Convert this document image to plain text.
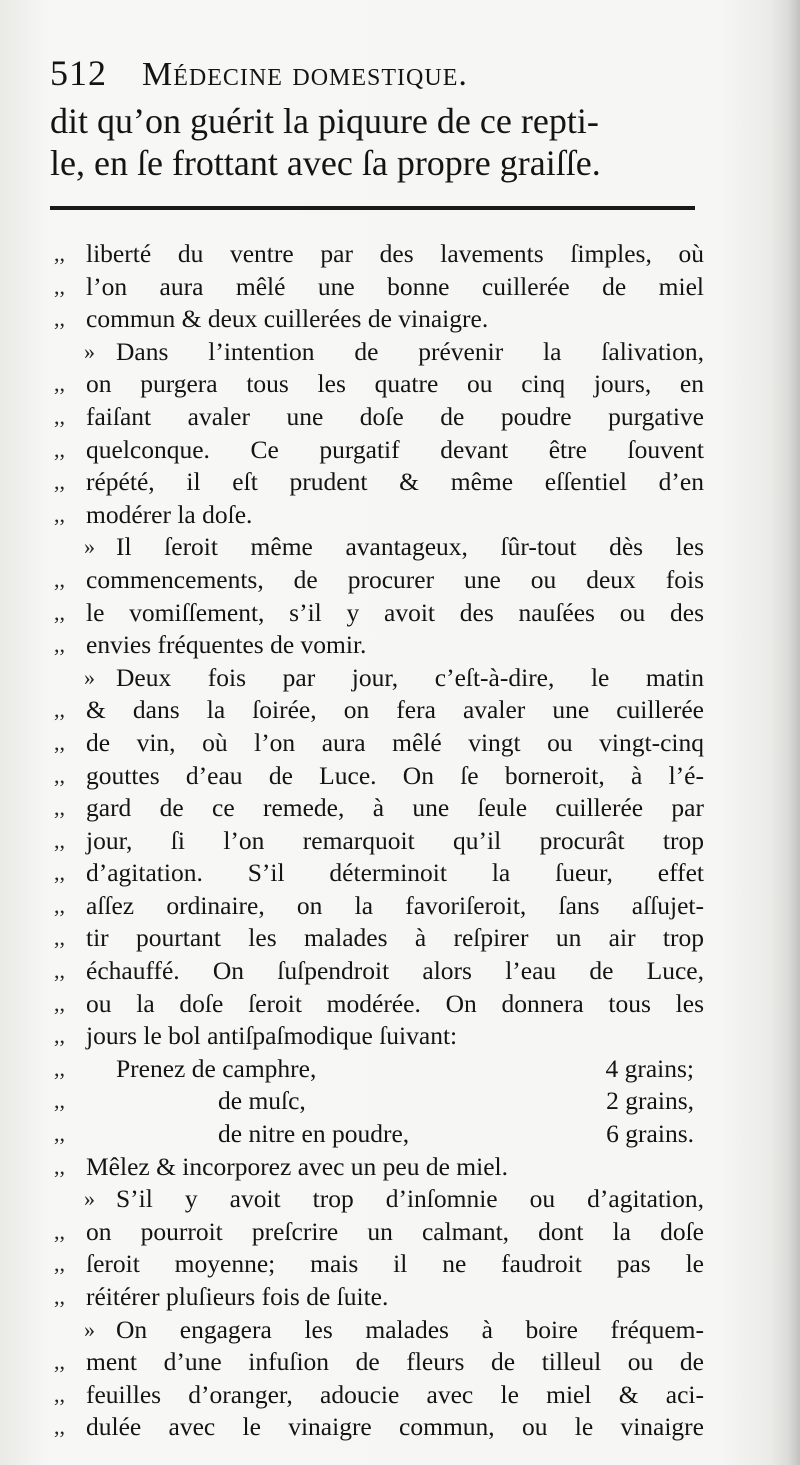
512 Médecine domestique.
dit qu’on guérit la piquure de ce repti-
le, en ſe frottant avec ſa propre graiſſe.
,, liberté du ventre par des lavements ſimples, où
,, l’on aura mêlé une bonne cuillerée de miel
,, commun & deux cuillerées de vinaigre.
» Dans l’intention de prévenir la ſalivation,
,, on purgera tous les quatre ou cinq jours, en
,, faiſant avaler une doſe de poudre purgative
,, quelconque. Ce purgatif devant être ſouvent
,, répété, il eſt prudent & même eſſentiel d’en
,, modérer la doſe.
» Il ſeroit même avantageux, ſûr-tout dès les
,, commencements, de procurer une ou deux fois
,, le vomiſſement, s’il y avoit des nauſées ou des
,, envies fréquentes de vomir.
» Deux fois par jour, c’eſt-à-dire, le matin
,, & dans la ſoirée, on fera avaler une cuillerée
,, de vin, où l’on aura mêlé vingt ou vingt-cinq
,, gouttes d’eau de Luce. On ſe borneroit, à l’é-
,, gard de ce remede, à une ſeule cuillerée par
,, jour, ſi l’on remarquoit qu’il procurât trop
,, d’agitation. S’il déterminoit la ſueur, effet
,, aſſez ordinaire, on la favoriſeroit, ſans aſſujet-
,, tir pourtant les malades à reſpirer un air trop
,, échauffé. On ſuſpendroit alors l’eau de Luce,
,, ou la doſe ſeroit modérée. On donnera tous les
,, jours le bol antiſpaſmodique ſuivant:
,,	Prenez de camphre,	4 grains;
,,	de muſc,	2 grains,
,,	de nitre en poudre,	6 grains.
,, Mêlez & incorporez avec un peu de miel.
» S’il y avoit trop d’inſomnie ou d’agitation,
,, on pourroit preſcrire un calmant, dont la doſe
,, ſeroit moyenne; mais il ne faudroit pas le
,, réitérer pluſieurs fois de ſuite.
» On engagera les malades à boire fréquem-
,, ment d’une infuſion de fleurs de tilleul ou de
,, feuilles d’oranger, adoucie avec le miel & aci-
,, dulée avec le vinaigre commun, ou le vinaigre
